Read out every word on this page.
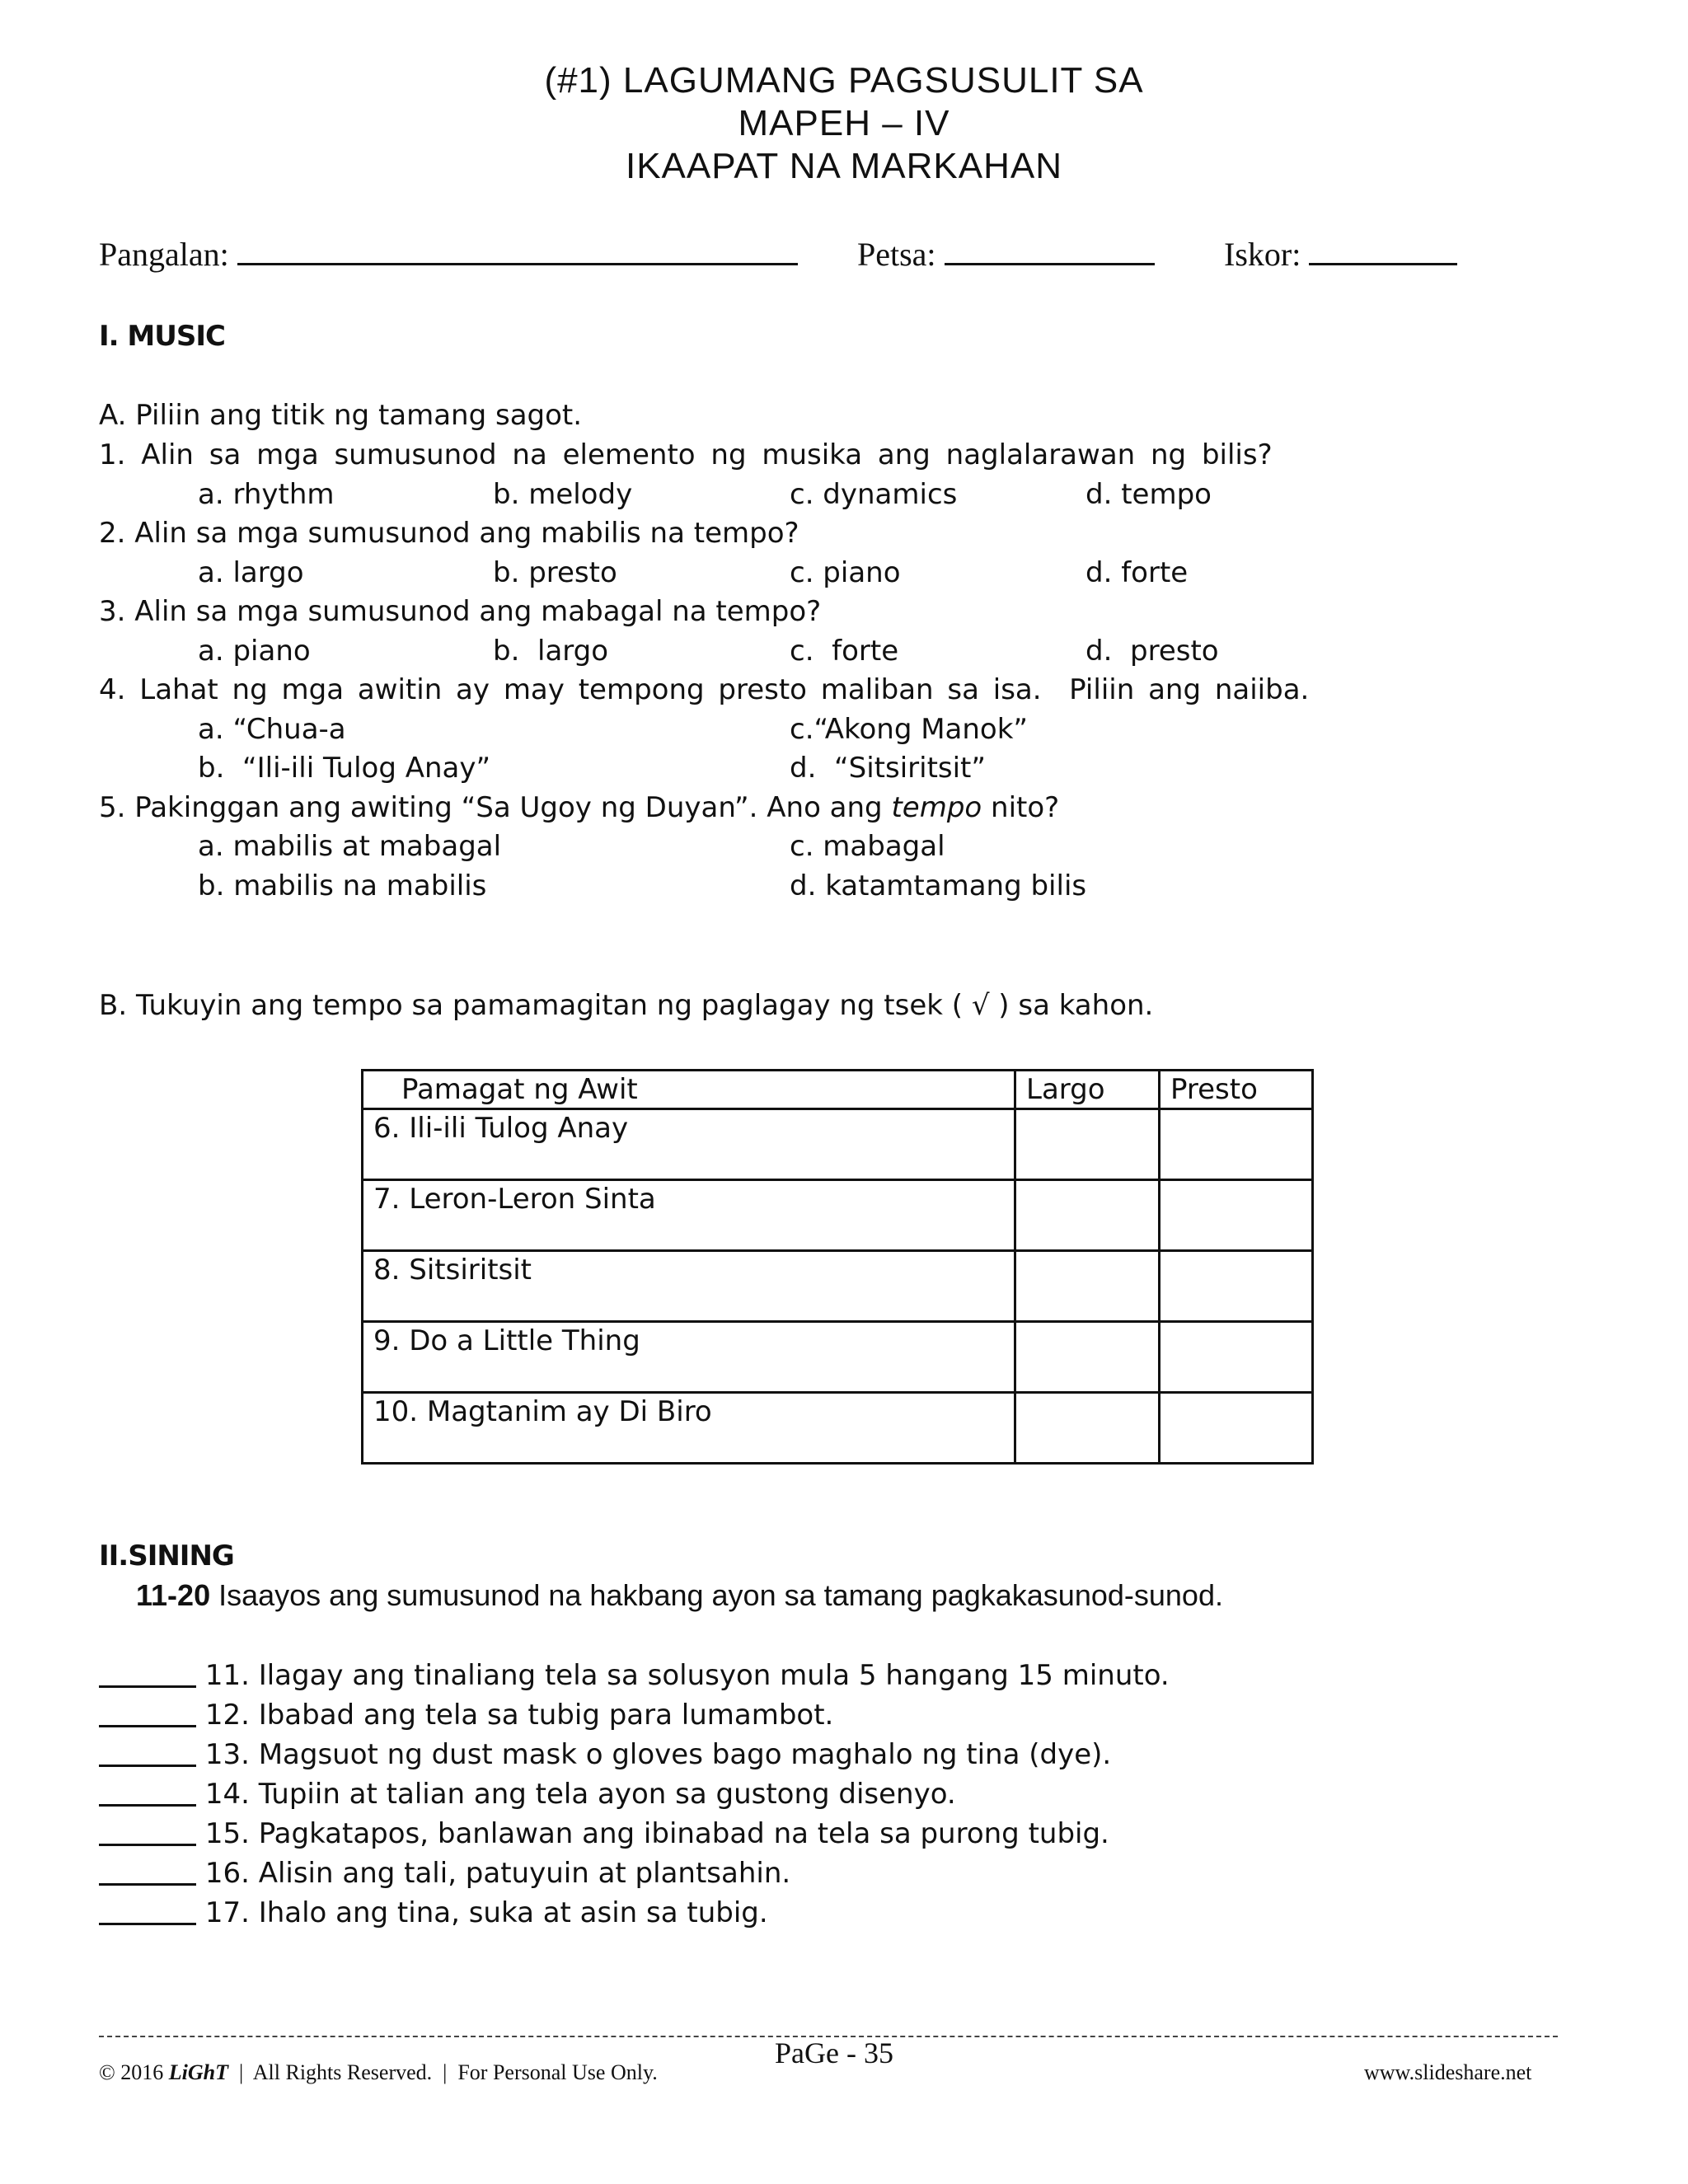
(#1) LAGUMANG PAGSUSULIT SA
MAPEH – IV
IKAAPAT NA MARKAHAN
Pangalan:	Petsa:	Iskor:
I. MUSIC
A. Piliin ang titik ng tamang sagot.
1. Alin sa mga sumusunod na elemento ng musika ang naglalarawan ng bilis?
a. rhythm	b. melody	c. dynamics	d. tempo
2. Alin sa mga sumusunod ang mabilis na tempo?
a. largo	b. presto	c. piano	d. forte
3. Alin sa mga sumusunod ang mabagal na tempo?
a. piano	b.  largo	c.  forte	d.  presto
4. Lahat ng mga awitin ay may tempong presto maliban sa isa.  Piliin ang naiiba.
a. “Chua-a	c.“Akong Manok”
b.  “Ili-ili Tulog Anay”	d.  “Sitsiritsit”
5. Pakinggan ang awiting “Sa Ugoy ng Duyan”. Ano ang tempo nito?
a. mabilis at mabagal	c. mabagal
b. mabilis na mabilis	d. katamtamang bilis
B. Tukuyin ang tempo sa pamamagitan ng paglagay ng tsek ( √ ) sa kahon.
Pamagat ng Awit	Largo	Presto
6. Ili-ili Tulog Anay		
7. Leron-Leron Sinta		
8. Sitsiritsit		
9. Do a Little Thing		
10. Magtanim ay Di Biro		
II.SINING
11-20 Isaayos ang sumusunod na hakbang ayon sa tamang pagkakasunod-sunod.
11. Ilagay ang tinaliang tela sa solusyon mula 5 hangang 15 minuto.
12. Ibabad ang tela sa tubig para lumambot.
13. Magsuot ng dust mask o gloves bago maghalo ng tina (dye).
14. Tupiin at talian ang tela ayon sa gustong disenyo.
15. Pagkatapos, banlawan ang ibinabad na tela sa purong tubig.
16. Alisin ang tali, patuyuin at plantsahin.
17. Ihalo ang tina, suka at asin sa tubig.
© 2016 LiGhT  |  All Rights Reserved.  |  For Personal Use Only.
PaGe - 35
www.slideshare.net
